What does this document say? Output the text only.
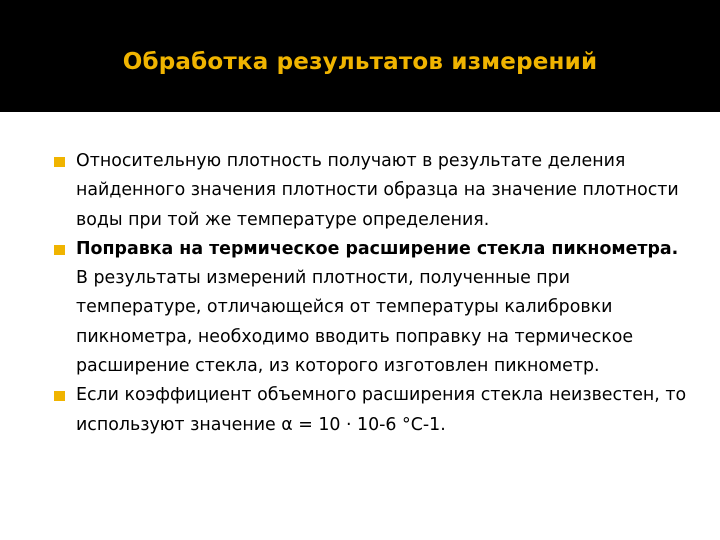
Обработка результатов измерений

Относительную плотность получают в результате деления найденного значения плотности образца на значение плотности воды при той же температуре определения.

Поправка на термическое расширение стекла пикнометра. В результаты измерений плотности, полученные при температуре, отличающейся от температуры калибровки пикнометра, необходимо вводить поправку на термическое расширение стекла, из которого изготовлен пикнометр.

Если коэффициент объемного расширения стекла неизвестен, то используют значение α = 10 · 10-6 °С-1.
